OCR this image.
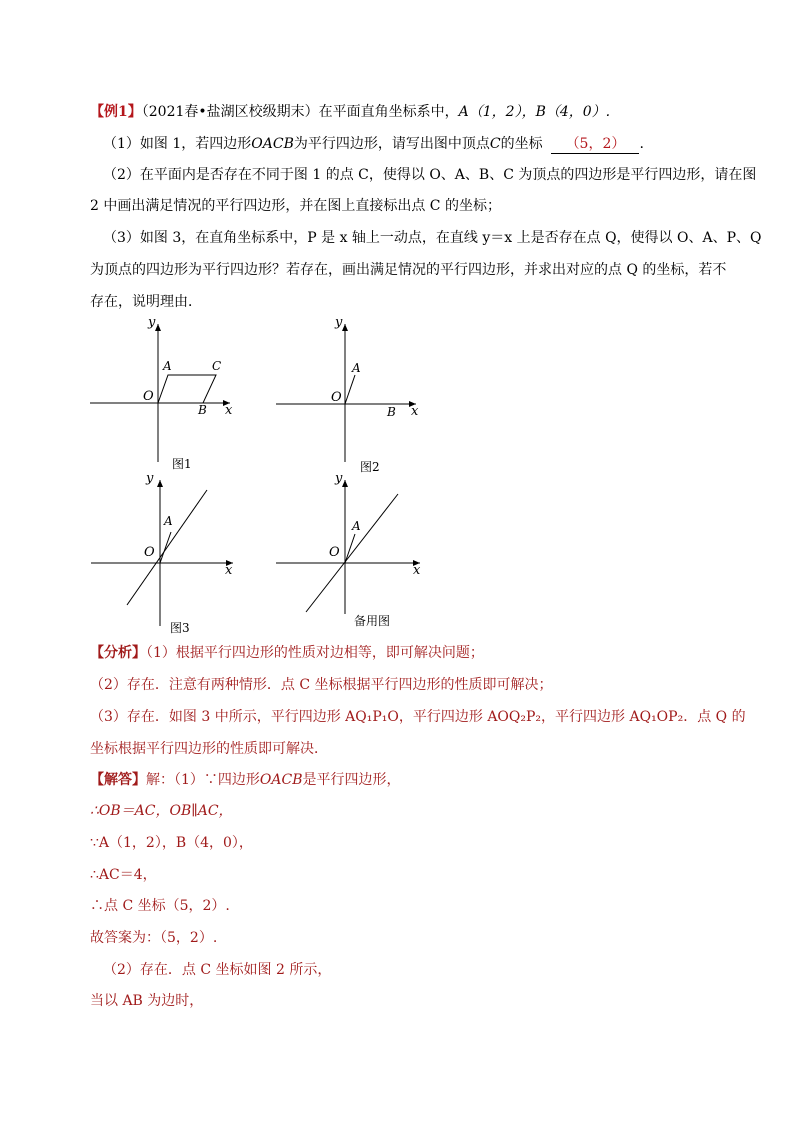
【例1】（2021春•盐湖区校级期末）在平面直角坐标系中，A（1，2），B（4，0）.
（1）如图 1，若四边形OACB为平行四边形，请写出图中顶点C的坐标 （5，2） .
（2）在平面内是否存在不同于图 1 的点 C，使得以 O、A、B、C 为顶点的四边形是平行四边形，请在图
2 中画出满足情况的平行四边形，并在图上直接标出点 C 的坐标；
（3）如图 3，在直角坐标系中，P 是 x 轴上一动点，在直线 y＝x 上是否存在点 Q，使得以 O、A、P、Q
为顶点的四边形为平行四边形？若存在，画出满足情况的平行四边形，并求出对应的点 Q 的坐标，若不
存在，说明理由．
y
x
O
A	C
B
图1
y
x
O
A
B
图2
y
x
O
A
图3
y
x
O
A
备用图
【分析】（1）根据平行四边形的性质对边相等，即可解决问题；
（2）存在．注意有两种情形．点 C 坐标根据平行四边形的性质即可解决；
（3）存在．如图 3 中所示，平行四边形 AQ₁P₁O，平行四边形 AOQ₂P₂，平行四边形 AQ₁OP₂．点 Q 的
坐标根据平行四边形的性质即可解决．
【解答】解：（1）∵四边形OACB是平行四边形，
∴OB＝AC，OB∥AC，
∵A（1，2），B（4，0），
∴AC＝4，
∴点 C 坐标（5，2）.
故答案为：（5，2）.
（2）存在．点 C 坐标如图 2 所示，
当以 AB 为边时，
